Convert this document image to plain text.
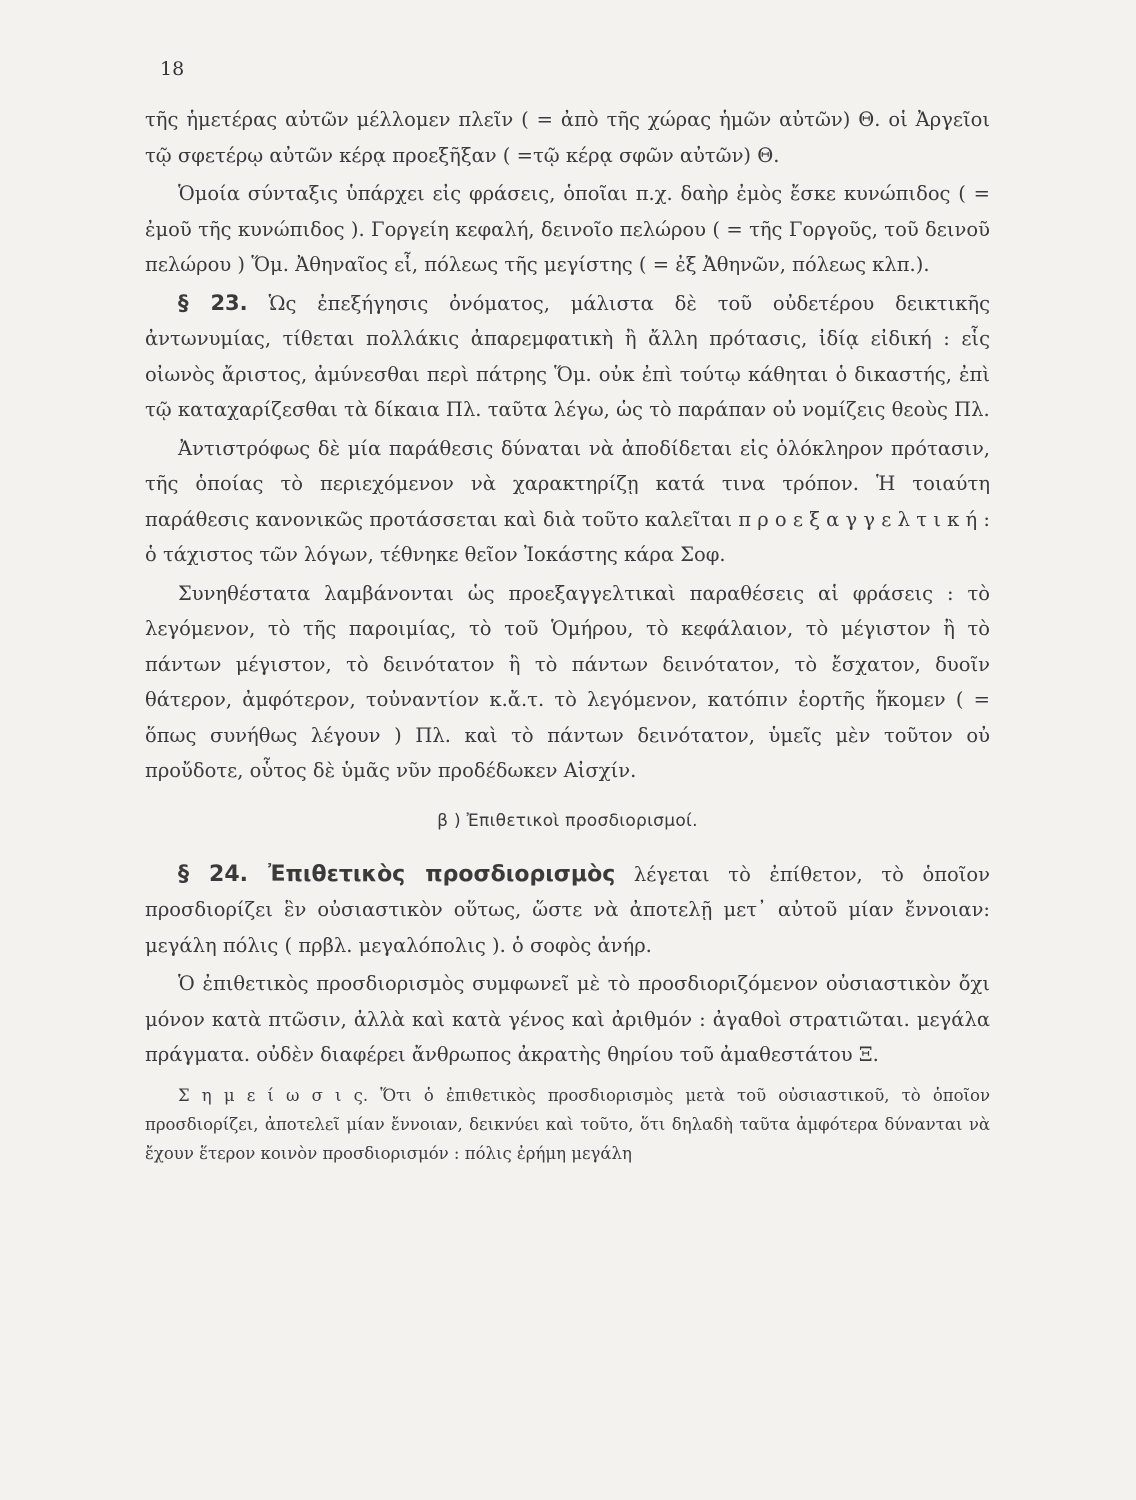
18

τῆς ἡμετέρας αὐτῶν μέλλομεν πλεῖν ( = ἀπὸ τῆς χώρας ἡμῶν αὐτῶν) Θ. οἱ Ἀργεῖοι τῷ σφετέρῳ αὐτῶν κέρᾳ προεξῆξαν ( =τῷ κέρᾳ σφῶν αὐτῶν) Θ.

Ὁμοία σύνταξις ὑπάρχει εἰς φράσεις, ὁποῖαι π.χ. δαὴρ ἐμὸς ἔσκε κυνώπιδος ( = ἐμοῦ τῆς κυνώπιδος ). Γοργείη κεφαλή, δεινοῖο πελώρου ( = τῆς Γοργοῦς, τοῦ δεινοῦ πελώρου ) Ὅμ. Ἀθηναῖος εἶ, πόλεως τῆς μεγίστης ( = ἐξ Ἀθηνῶν, πόλεως κλπ.).

§ 23. Ὡς ἐπεξήγησις ὀνόματος, μάλιστα δὲ τοῦ οὐδετέρου δεικτικῆς ἀντωνυμίας, τίθεται πολλάκις ἀπαρεμφατικὴ ἢ ἄλλη πρότασις, ἰδίᾳ εἰδική : εἷς οἰωνὸς ἄριστος, ἀμύνεσθαι περὶ πάτρης Ὅμ. οὐκ ἐπὶ τούτῳ κάθηται ὁ δικαστής, ἐπὶ τῷ καταχαρίζεσθαι τὰ δίκαια Πλ. ταῦτα λέγω, ὡς τὸ παράπαν οὐ νομίζεις θεοὺς Πλ.

Ἀντιστρόφως δὲ μία παράθεσις δύναται νὰ ἀποδίδεται εἰς ὁλόκληρον πρότασιν, τῆς ὁποίας τὸ περιεχόμενον νὰ χαρακτηρίζῃ κατά τινα τρόπον. Ἡ τοιαύτη παράθεσις κανονικῶς προτάσσεται καὶ διὰ τοῦτο καλεῖται π ρ ο ε ξ α γ γ ε λ τ ι κ ή : ὁ τάχιστος τῶν λόγων, τέθνηκε θεῖον Ἰοκάστης κάρα Σοφ.

Συνηθέστατα λαμβάνονται ὡς προεξαγγελτικαὶ παραθέσεις αἱ φράσεις : τὸ λεγόμενον, τὸ τῆς παροιμίας, τὸ τοῦ Ὁμήρου, τὸ κεφάλαιον, τὸ μέγιστον ἢ τὸ πάντων μέγιστον, τὸ δεινότατον ἢ τὸ πάντων δεινότατον, τὸ ἔσχατον, δυοῖν θάτερον, ἀμφότερον, τοὐναντίον κ.ἄ.τ. τὸ λεγόμενον, κατόπιν ἑορτῆς ἥκομεν ( = ὅπως συνήθως λέγουν ) Πλ. καὶ τὸ πάντων δεινότατον, ὑμεῖς μὲν τοῦτον οὐ προὔδοτε, οὗτος δὲ ὑμᾶς νῦν προδέδωκεν Αἰσχίν.

β ) Ἐπιθετικοὶ προσδιορισμοί.

§ 24. Ἐπιθετικὸς προσδιορισμὸς λέγεται τὸ ἐπίθετον, τὸ ὁποῖον προσδιορίζει ἓν οὐσιαστικὸν οὕτως, ὥστε νὰ ἀποτελῇ μετ᾽ αὐτοῦ μίαν ἔννοιαν: μεγάλη πόλις ( πρβλ. μεγαλόπολις ). ὁ σοφὸς ἀνήρ.

Ὁ ἐπιθετικὸς προσδιορισμὸς συμφωνεῖ μὲ τὸ προσδιοριζόμενον οὐσιαστικὸν ὄχι μόνον κατὰ πτῶσιν, ἀλλὰ καὶ κατὰ γένος καὶ ἀριθμόν : ἀγαθοὶ στρατιῶται. μεγάλα πράγματα. οὐδὲν διαφέρει ἄνθρωπος ἀκρατὴς θηρίου τοῦ ἀμαθεστάτου Ξ.

Σ η μ ε ί ω σ ι ς. Ὅτι ὁ ἐπιθετικὸς προσδιορισμὸς μετὰ τοῦ οὐσιαστικοῦ, τὸ ὁποῖον προσδιορίζει, ἀποτελεῖ μίαν ἔννοιαν, δεικνύει καὶ τοῦτο, ὅτι δηλαδὴ ταῦτα ἀμφότερα δύνανται νὰ ἔχουν ἕτερον κοινὸν προσδιορισμόν : πόλις ἐρήμη μεγάλη
